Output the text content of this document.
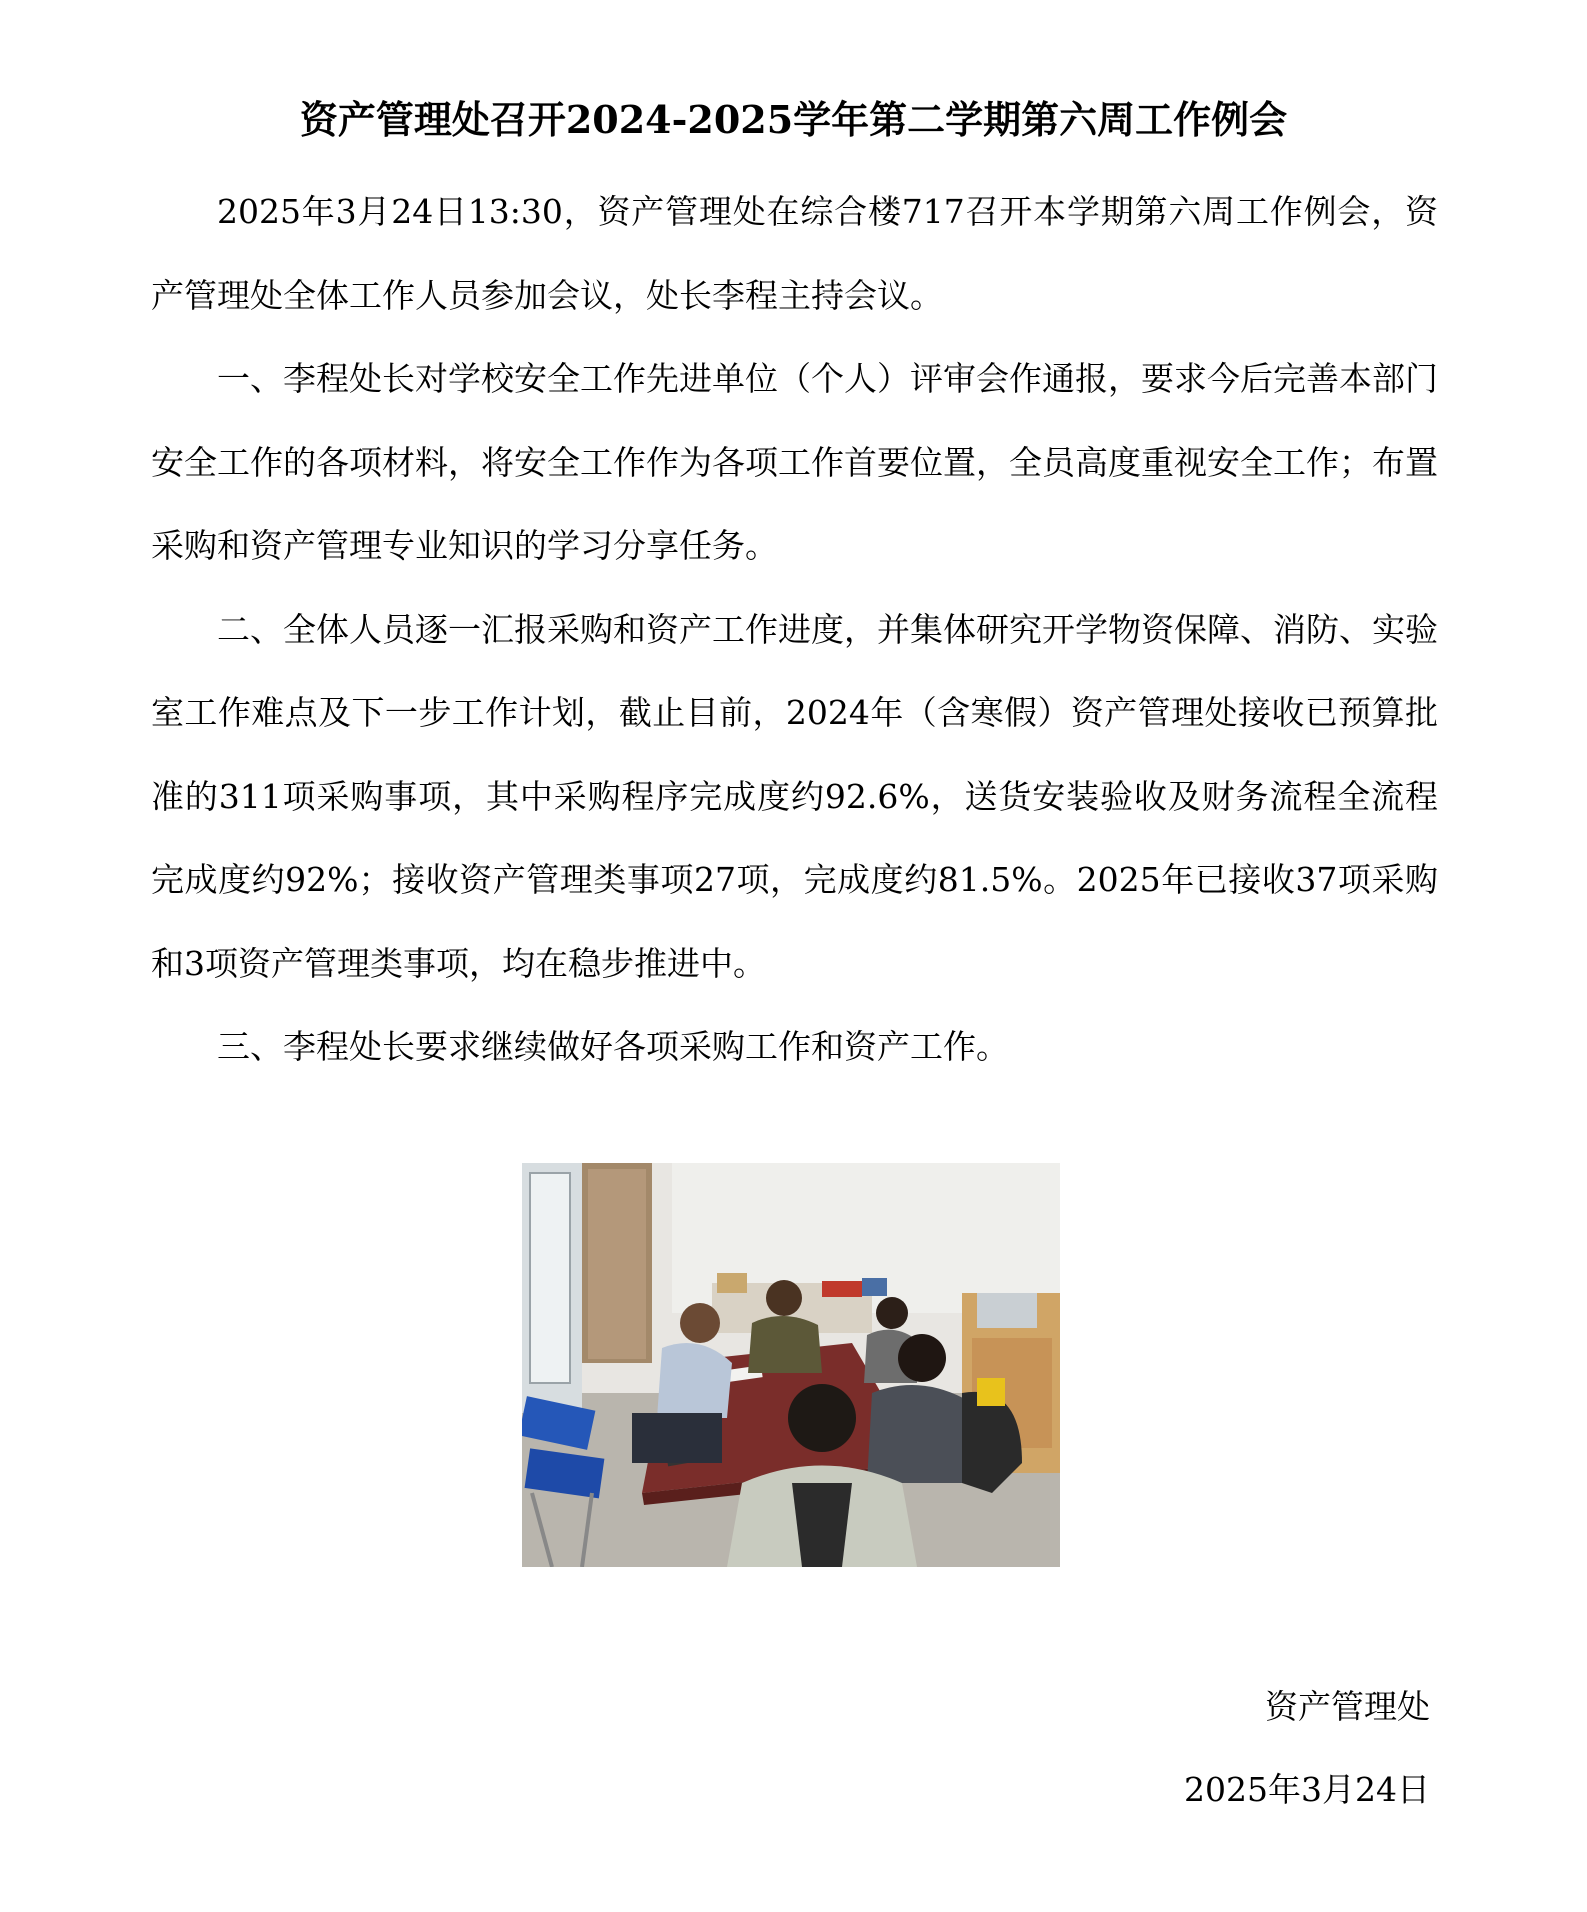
资产管理处召开2024-2025学年第二学期第六周工作例会

2025年3月24日13:30，资产管理处在综合楼717召开本学期第六周工作例会，资产管理处全体工作人员参加会议，处长李程主持会议。

一、李程处长对学校安全工作先进单位（个人）评审会作通报，要求今后完善本部门安全工作的各项材料，将安全工作作为各项工作首要位置，全员高度重视安全工作；布置采购和资产管理专业知识的学习分享任务。

二、全体人员逐一汇报采购和资产工作进度，并集体研究开学物资保障、消防、实验室工作难点及下一步工作计划，截止目前，2024年（含寒假）资产管理处接收已预算批准的311项采购事项，其中采购程序完成度约92.6%，送货安装验收及财务流程全流程完成度约92%；接收资产管理类事项27项，完成度约81.5%。2025年已接收37项采购和3项资产管理类事项，均在稳步推进中。

三、李程处长要求继续做好各项采购工作和资产工作。

资产管理处
2025年3月24日
